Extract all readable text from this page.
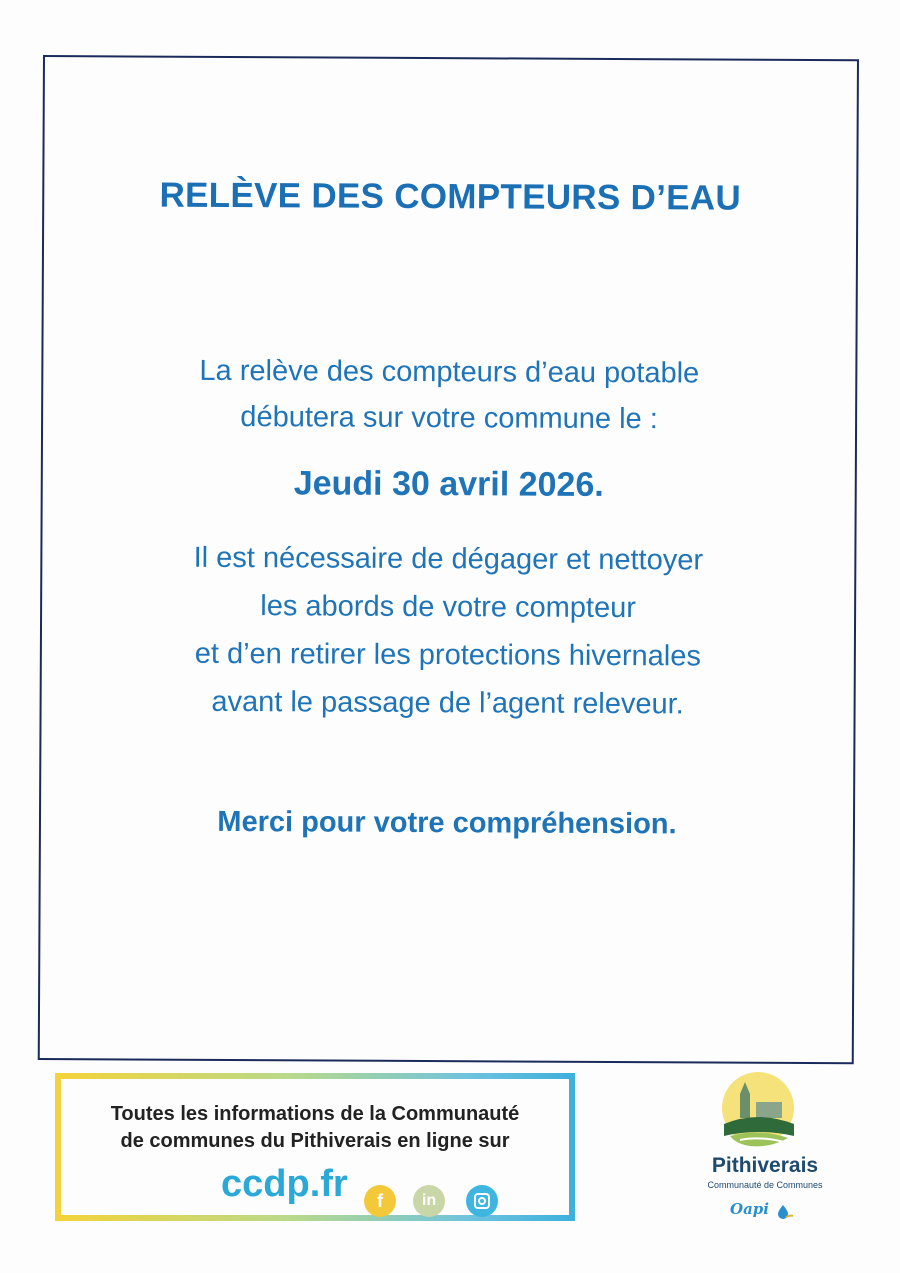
RELÈVE DES COMPTEURS D’EAU
La relève des compteurs d’eau potable
débutera sur votre commune le :
Jeudi 30 avril 2026.
Il est nécessaire de dégager et nettoyer
les abords de votre compteur
et d’en retirer les protections hivernales
avant le passage de l’agent releveur.
Merci pour votre compréhension.
Toutes les informations de la Communauté
de communes du Pithiverais en ligne sur
ccdp.fr	f	in
Pithiverais
Communauté de Communes
Oapi
